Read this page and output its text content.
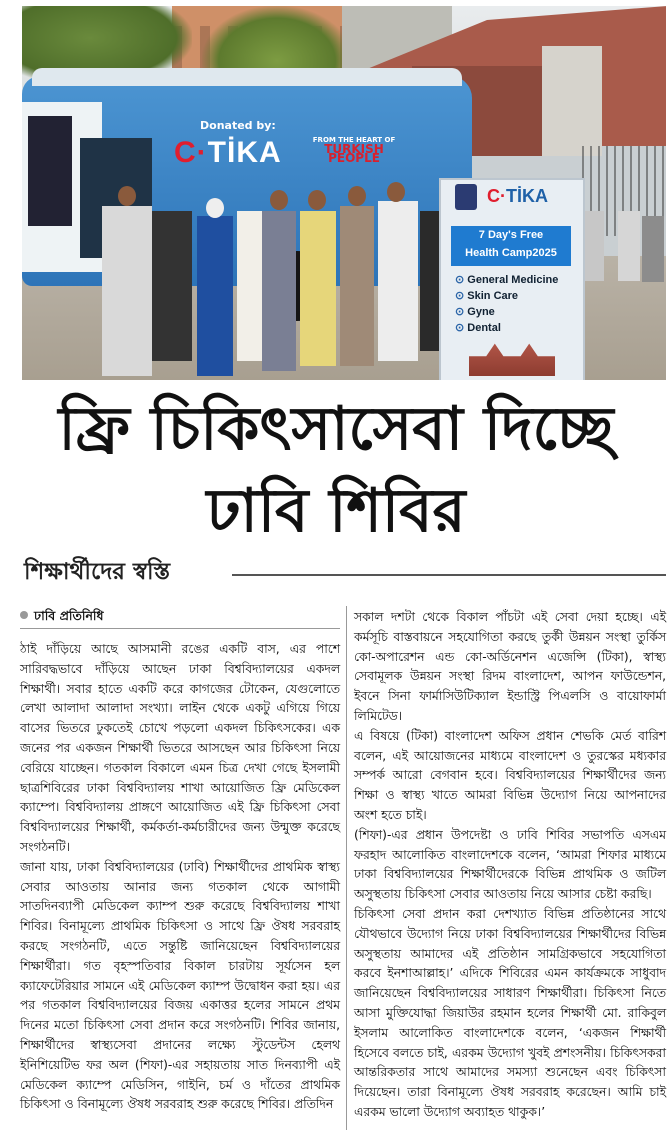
Donated by:
C·TİKA	FROM THE HEART OF
TURKISH PEOPLE
C·TİKA
7 Day's Free
Health Camp2025
⊙ General Medicine
⊙ Skin Care
⊙ Gyne
⊙ Dental
ফ্রি চিকিৎসাসেবা দিচ্ছে ঢাবি শিবির
শিক্ষার্থীদের স্বস্তি
ঢাবি প্রতিনিধি

ঠাই দাঁড়িয়ে আছে আসমানী রঙের একটি বাস, এর পাশে সারিবদ্ধভাবে দাঁড়িয়ে আছেন ঢাকা বিশ্ববিদ্যালয়ের একদল শিক্ষার্থী। সবার হাতে একটি করে কাগজের টোকেন, যেগুলোতে লেখা আলাদা আলাদা সংখ্যা। লাইন থেকে একটু এগিয়ে গিয়ে বাসের ভিতরে ঢুকতেই চোখে পড়লো একদল চিকিৎসকের। এক জনের পর একজন শিক্ষার্থী ভিতরে আসছেন আর চিকিৎসা নিয়ে বেরিয়ে যাচ্ছেন। গতকাল বিকালে এমন চিত্র দেখা গেছে ইসলামী ছাত্রশিবিরের ঢাকা বিশ্ববিদ্যালয় শাখা আয়োজিত ফ্রি মেডিকেল ক্যাম্পে। বিশ্ববিদ্যালয় প্রাঙ্গণে আয়োজিত এই ফ্রি চিকিৎসা সেবা বিশ্ববিদ্যালয়ের শিক্ষার্থী, কর্মকর্তা-কর্মচারীদের জন্য উন্মুক্ত করেছে সংগঠনটি।

জানা যায়, ঢাকা বিশ্ববিদ্যালয়ের (ঢাবি) শিক্ষার্থীদের প্রাথমিক স্বাস্থ্য সেবার আওতায় আনার জন্য গতকাল থেকে আগামী সাতদিনব্যাপী মেডিকেল ক্যাম্প শুরু করেছে বিশ্ববিদ্যালয় শাখা শিবির। বিনামূল্যে প্রাথমিক চিকিৎসা ও সাথে ফ্রি ঔষধ সরবরাহ করছে সংগঠনটি, এতে সন্তুষ্টি জানিয়েছেন বিশ্ববিদ্যালয়ের শিক্ষার্থীরা। গত বৃহস্পতিবার বিকাল চারটায় সূর্যসেন হল ক্যাফেটেরিয়ার সামনে এই মেডিকেল ক্যাম্প উদ্বোধন করা হয়। এর পর গতকাল বিশ্ববিদ্যালয়ের বিজয় একাত্তর হলের সামনে প্রথম দিনের মতো চিকিৎসা সেবা প্রদান করে সংগঠনটি। শিবির জানায়, শিক্ষার্থীদের স্বাস্থ্যসেবা প্রদানের লক্ষ্যে স্টুডেন্টস হেলথ ইনিশিয়েটিভ ফর অল (শিফা)-এর সহায়তায় সাত দিনব্যাপী এই মেডিকেল ক্যাম্পে মেডিসিন, গাইনি, চর্ম ও দাঁতের প্রাথমিক চিকিৎসা ও বিনামূল্যে ঔষধ সরবরাহ শুরু করেছে শিবির। প্রতিদিন

সকাল দশটা থেকে বিকাল পাঁচটা এই সেবা দেয়া হচ্ছে। এই কর্মসূচি বাস্তবায়নে সহযোগিতা করছে তুর্কী উন্নয়ন সংস্থা তুর্কিস কো-অপারেশন এন্ড কো-অর্ডিনেশন এজেন্সি (টিকা), স্বাস্থ্য সেবামূলক উন্নয়ন সংস্থা রিদম বাংলাদেশ, আপন ফাউন্ডেশন, ইবনে সিনা ফার্মাসিউটিক্যাল ইন্ডাস্ট্রি পিএলসি ও বায়োফার্মা লিমিটেড।

এ বিষয়ে (টিকা) বাংলাদেশ অফিস প্রধান শেভকি মের্ত বারিশ বলেন, এই আয়োজনের মাধ্যমে বাংলাদেশ ও তুরস্কের মধ্যকার সম্পর্ক আরো বেগবান হবে। বিশ্ববিদ্যালয়ের শিক্ষার্থীদের জন্য শিক্ষা ও স্বাস্থ্য খাতে আমরা বিভিন্ন উদ্যোগ নিয়ে আপনাদের অংশ হতে চাই।

(শিফা)-এর প্রধান উপদেষ্টা ও ঢাবি শিবির সভাপতি এসএম ফরহাদ আলোকিত বাংলাদেশকে বলেন, ‘আমরা শিফার মাধ্যমে ঢাকা বিশ্ববিদ্যালয়ের শিক্ষার্থীদেরকে বিভিন্ন প্রাথমিক ও জটিল অসুস্থতায় চিকিৎসা সেবার আওতায় নিয়ে আসার চেষ্টা করছি।

চিকিৎসা সেবা প্রদান করা দেশখ্যাত বিভিন্ন প্রতিষ্ঠানের সাথে যৌথভাবে উদ্যোগ নিয়ে ঢাকা বিশ্ববিদ্যালয়ের শিক্ষার্থীদের বিভিন্ন অসুস্থতায় আমাদের এই প্রতিষ্ঠান সামগ্রিকভাবে সহযোগিতা করবে ইনশাআল্লাহ।’ এদিকে শিবিরের এমন কার্যক্রমকে সাধুবাদ জানিয়েছেন বিশ্ববিদ্যালয়ের সাধারণ শিক্ষার্থীরা। চিকিৎসা নিতে আসা মুক্তিযোদ্ধা জিয়াউর রহমান হলের শিক্ষার্থী মো. রাকিবুল ইসলাম আলোকিত বাংলাদেশকে বলেন, ‘একজন শিক্ষার্থী হিসেবে বলতে চাই, এরকম উদ্যোগ খুবই প্রশংসনীয়। চিকিৎসকরা আন্তরিকতার সাথে আমাদের সমস্যা শুনেছেন এবং চিকিৎসা দিয়েছেন। তারা বিনামূল্যে ঔষধ সরবরাহ করেছেন। আমি চাই এরকম ভালো উদ্যোগ অব্যাহত থাকুক।’
